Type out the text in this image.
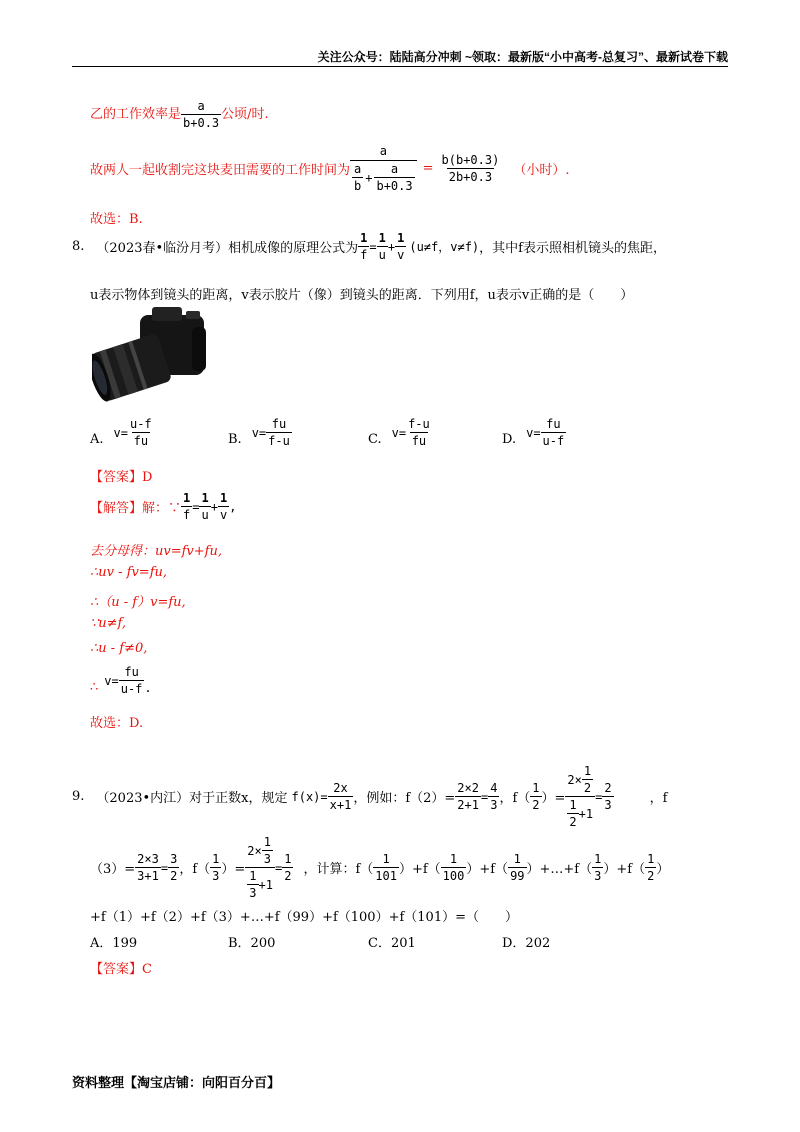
关注公众号：陆陆高分冲刺 ~领取：最新版“小中高考-总复习”、最新试卷下载
乙的工作效率是 $\frac{a}{b+0.3}$ 公顷/时.
故两人一起收割完这块麦田需要的工作时间为 $\frac{a}{\frac{a}{b} + \frac{a}{b+0.3}} = \frac{b(b+0.3)}{2b+0.3}$ （小时）.
故选：B.
8. （2023春•临汾月考）相机成像的原理公式为 $\frac{1}{f} = \frac{1}{u} + \frac{1}{v} (u\ne f$，v≠f) ，其中f表示照相机镜头的焦距，
u表示物体到镜头的距离，v表示胶片（像）到镜头的距离．下列用f，u表示v正确的是（　　）
A. $v= \frac{u-f}{fu}$	B. $v= \frac{fu}{f-u}$	C. $v= \frac{f-u}{fu}$	D. $v= \frac{fu}{u-f}$
【答案】D
【解答】解：∵ $\frac{1}{f} = \frac{1}{u} + \frac{1}{v}$ ,
去分母得：uv=fv+fu,
∴uv - fv=fu,
∴（u - f）v=fu,
∵u≠f,
∴u - f≠0,
∴ $v= \frac{fu}{u-f}$ .
故选：D.
9. （2023•内江）对于正数x，规定 $f(x)= \frac{2x}{x+1}$ ，例如：$f(2)= \frac{2\times 2}{2+1} = \frac{4}{3}$ ，$f( \frac{1}{2}$ ）= $\frac{2\times \frac{1}{2}}{\frac{1}{2} +1} = \frac{2}{3}$	，f
$(3)= \frac{2\times 3}{3+1} = \frac{3}{2}$ ，$f( \frac{1}{3}$ ）= $\frac{2\times \frac{1}{3}}{\frac{1}{3} +1} = \frac{1}{2}$ ，计算：$f( \frac{1}{101} )+f( \frac{1}{100} )+f( \frac{1}{99}$ ）+…+f（ $\frac{1}{3} )+f( \frac{1}{2}$ ）
+f（1）+f（2）+f（3）+…+f（99）+f（100）+f（101）=（　　）
A．199	B．200	C．201	D．202
【答案】C
资料整理【淘宝店铺：向阳百分百】
